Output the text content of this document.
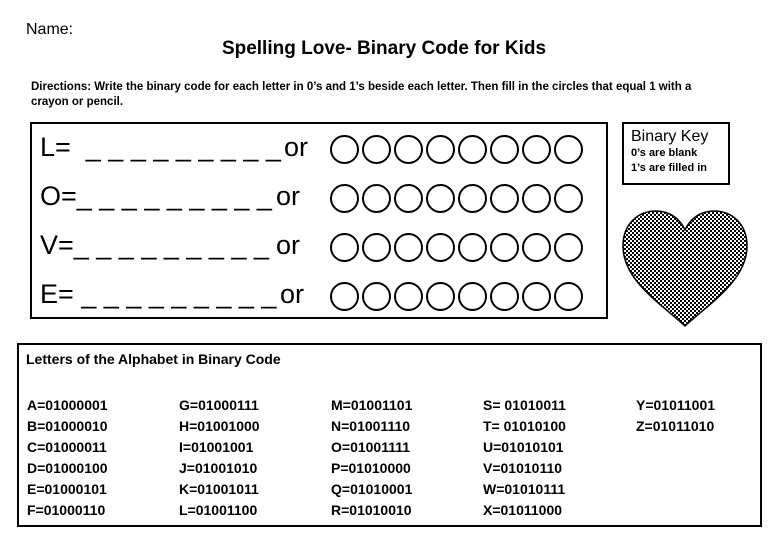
Name:
Spelling Love- Binary Code for Kids
Directions: Write the binary code for each letter in 0’s and 1’s beside each letter. Then fill in the circles that equal 1 with a crayon or pencil.
L=  _ _ _ _ _ _ _ _ _ or
O=_ _ _ _ _ _ _ _ _ or
V=_ _ _ _ _ _ _ _ _ or
E= _ _ _ _ _ _ _ _ _ or
Binary Key
0’s are blank
1’s are filled in
Letters of the Alphabet in Binary Code
A=01000001
B=01000010
C=01000011
D=01000100
E=01000101
F=01000110
G=01000111
H=01001000
I=01001001
J=01001010
K=01001011
L=01001100
M=01001101
N=01001110
O=01001111
P=01010000
Q=01010001
R=01010010
S= 01010011
T= 01010100
U=01010101
V=01010110
W=01010111
X=01011000
Y=01011001
Z=01011010
